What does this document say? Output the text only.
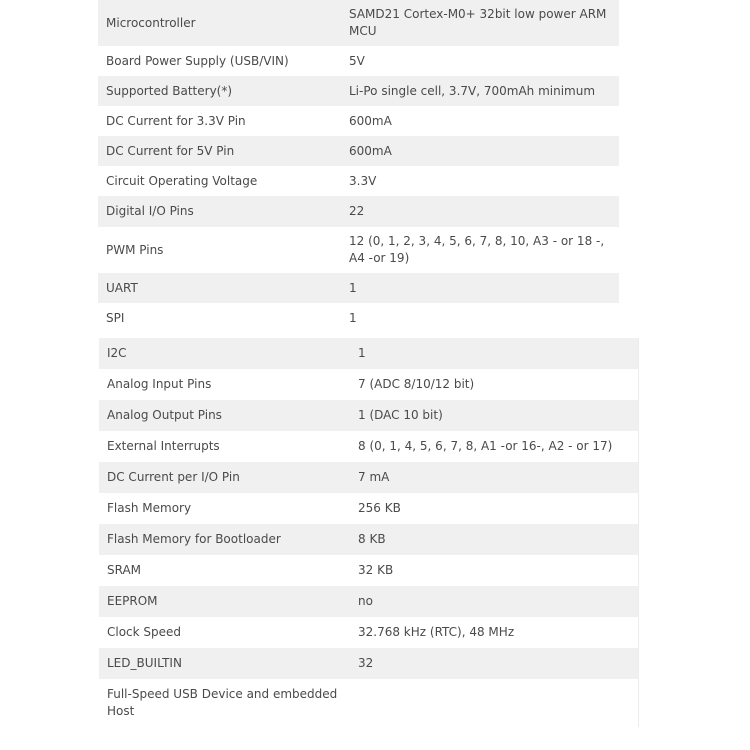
Microcontroller	SAMD21 Cortex-M0+ 32bit low power ARM MCU
Board Power Supply (USB/VIN)	5V
Supported Battery(*)	Li-Po single cell, 3.7V, 700mAh minimum
DC Current for 3.3V Pin	600mA
DC Current for 5V Pin	600mA
Circuit Operating Voltage	3.3V
Digital I/O Pins	22
PWM Pins	12 (0, 1, 2, 3, 4, 5, 6, 7, 8, 10, A3 - or 18 -, A4 -or 19)
UART	1
SPI	1
I2C	1
Analog Input Pins	7 (ADC 8/10/12 bit)
Analog Output Pins	1 (DAC 10 bit)
External Interrupts	8 (0, 1, 4, 5, 6, 7, 8, A1 -or 16-, A2 - or 17)
DC Current per I/O Pin	7 mA
Flash Memory	256 KB
Flash Memory for Bootloader	8 KB
SRAM	32 KB
EEPROM	no
Clock Speed	32.768 kHz (RTC), 48 MHz
LED_BUILTIN	32
Full-Speed USB Device and embedded Host	
